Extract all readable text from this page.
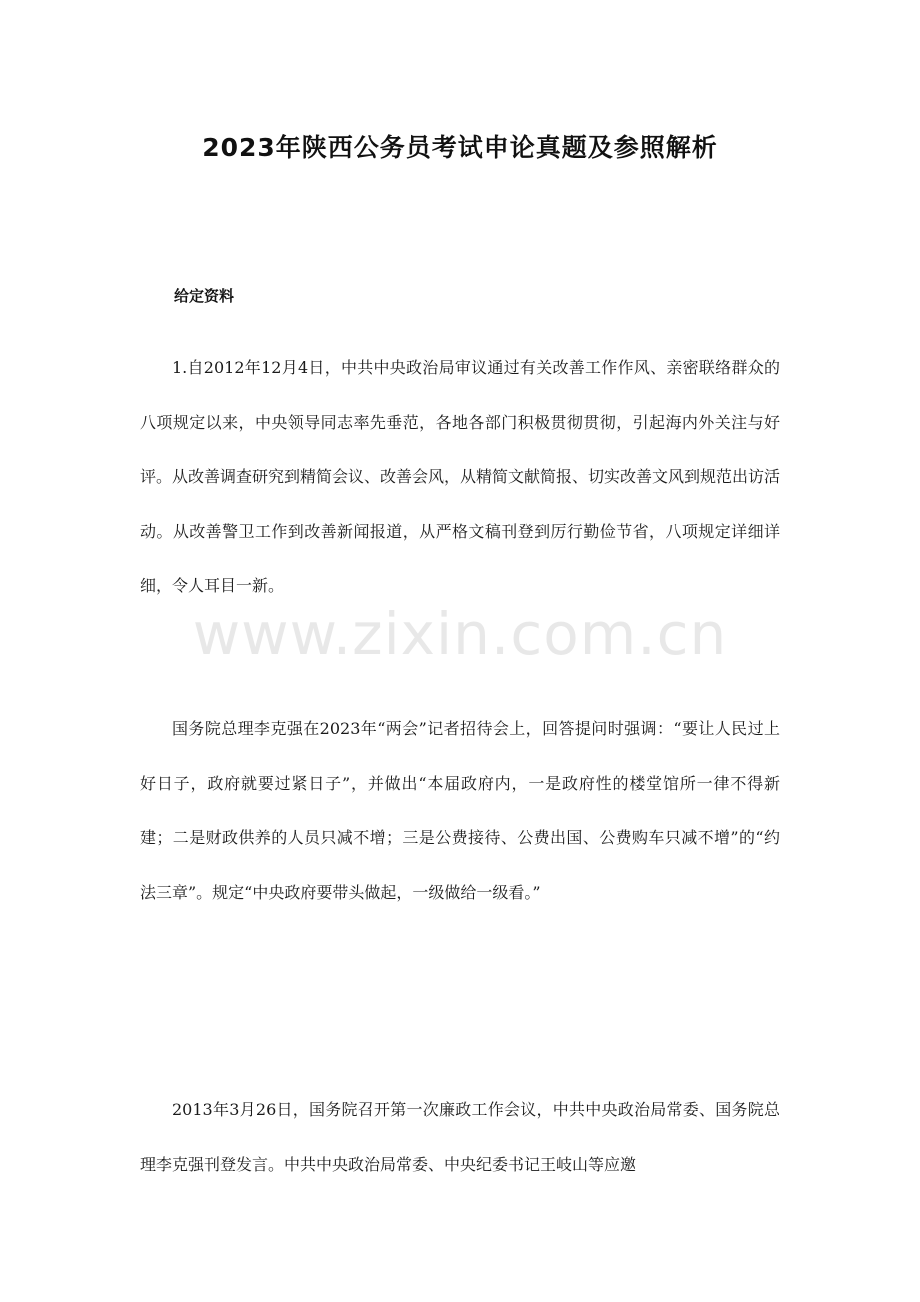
2023年陕西公务员考试申论真题及参照解析
给定资料

1.自2012年12月4日，中共中央政治局审议通过有关改善工作作风、亲密联络群众的八项规定以来，中央领导同志率先垂范，各地各部门积极贯彻贯彻，引起海内外关注与好评。从改善调查研究到精简会议、改善会风，从精简文献简报、切实改善文风到规范出访活动。从改善警卫工作到改善新闻报道，从严格文稿刊登到厉行勤俭节省，八项规定详细详细，令人耳目一新。

国务院总理李克强在2023年“两会”记者招待会上，回答提问时强调：“要让人民过上好日子，政府就要过紧日子”，并做出“本届政府内，一是政府性的楼堂馆所一律不得新建；二是财政供养的人员只减不增；三是公费接待、公费出国、公费购车只减不增”的“约法三章”。规定“中央政府要带头做起，一级做给一级看。”

2013年3月26日，国务院召开第一次廉政工作会议，中共中央政治局常委、国务院总理李克强刊登发言。中共中央政治局常委、中央纪委书记王岐山等应邀

www.zixin.com.cn
